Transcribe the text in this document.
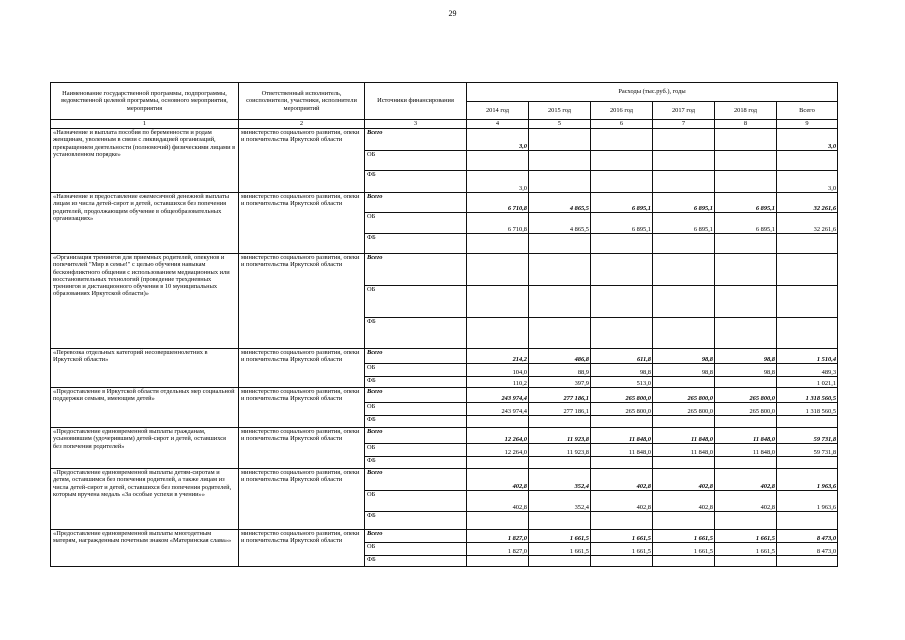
29
Наименование государственной программы, подпрограммы, ведомственной целевой программы, основного мероприятия, мероприятия	Ответственный исполнитель, соисполнители, участники, исполнители мероприятий	Источники финансирования	Расходы (тыс.руб.), годы					
			2014 год	2015 год	2016 год	2017 год	2018 год	Всего
1	2	3	4	5	6	7	8	9
«Назначение и выплата пособия по беременности и родам женщинам, уволенным в связи с ликвидацией организаций, прекращением деятельности (полномочий) физическими лицами в установленном порядке»	министерство социального развития, опеки и попечительства Иркутской области	Всего	3,0					3,0
		ОБ						
		ФБ	3,0					3,0
«Назначение и предоставление ежемесячной денежной выплаты лицам из числа детей-сирот и детей, оставшихся без попечения родителей, продолжающим обучение в общеобразовательных организациях»	министерство социального развития, опеки и попечительства Иркутской области	Всего	6 710,8	4 865,5	6 895,1	6 895,1	6 895,1	32 261,6
		ОБ	6 710,8	4 865,5	6 895,1	6 895,1	6 895,1	32 261,6
		ФБ						
«Организация тренингов для приемных родителей, опекунов и попечителей "Мир в семье!" с целью обучения навыкам бесконфликтного общения с использованием медиационных или восстановительных технологий (проведение трехдневных тренингов и дистанционного обучения в 10 муниципальных образованиях Иркутской области)»	министерство социального развития, опеки и попечительства Иркутской области	Всего						
		ОБ						
		ФБ						
«Перевозка отдельных категорий несовершеннолетних в Иркутской области»	министерство социального развития, опеки и попечительства Иркутской области	Всего	214,2	486,8	611,8	98,8	98,8	1 510,4
		ОБ	104,0	88,9	98,8	98,8	98,8	489,3
		ФБ	110,2	397,9	513,0			1 021,1
«Предоставление в Иркутской области отдельных мер социальной поддержки семьям, имеющим детей»	министерство социального развития, опеки и попечительства Иркутской области	Всего	243 974,4	277 186,1	265 800,0	265 800,0	265 800,0	1 318 560,5
		ОБ	243 974,4	277 186,1	265 800,0	265 800,0	265 800,0	1 318 560,5
		ФБ						
«Предоставление единовременной выплаты гражданам, усыновившим (удочерившим) детей-сирот и детей, оставшихся без попечения родителей»	министерство социального развития, опеки и попечительства Иркутской области	Всего	12 264,0	11 923,8	11 848,0	11 848,0	11 848,0	59 731,8
		ОБ	12 264,0	11 923,8	11 848,0	11 848,0	11 848,0	59 731,8
		ФБ						
«Предоставление единовременной выплаты детям-сиротам и детям, оставшимся без попечения родителей, а также лицам из числа детей-сирот и детей, оставшихся без попечения родителей, которым вручена медаль «За особые успехи в учении»»	министерство социального развития, опеки и попечительства Иркутской области	Всего	402,8	352,4	402,8	402,8	402,8	1 963,6
		ОБ	402,8	352,4	402,8	402,8	402,8	1 963,6
		ФБ						
«Предоставление единовременной выплаты многодетным матерям, награжденным почетным знаком «Материнская слава»»	министерство социального развития, опеки и попечительства Иркутской области	Всего	1 827,0	1 661,5	1 661,5	1 661,5	1 661,5	8 473,0
		ОБ	1 827,0	1 661,5	1 661,5	1 661,5	1 661,5	8 473,0
		ФБ						
